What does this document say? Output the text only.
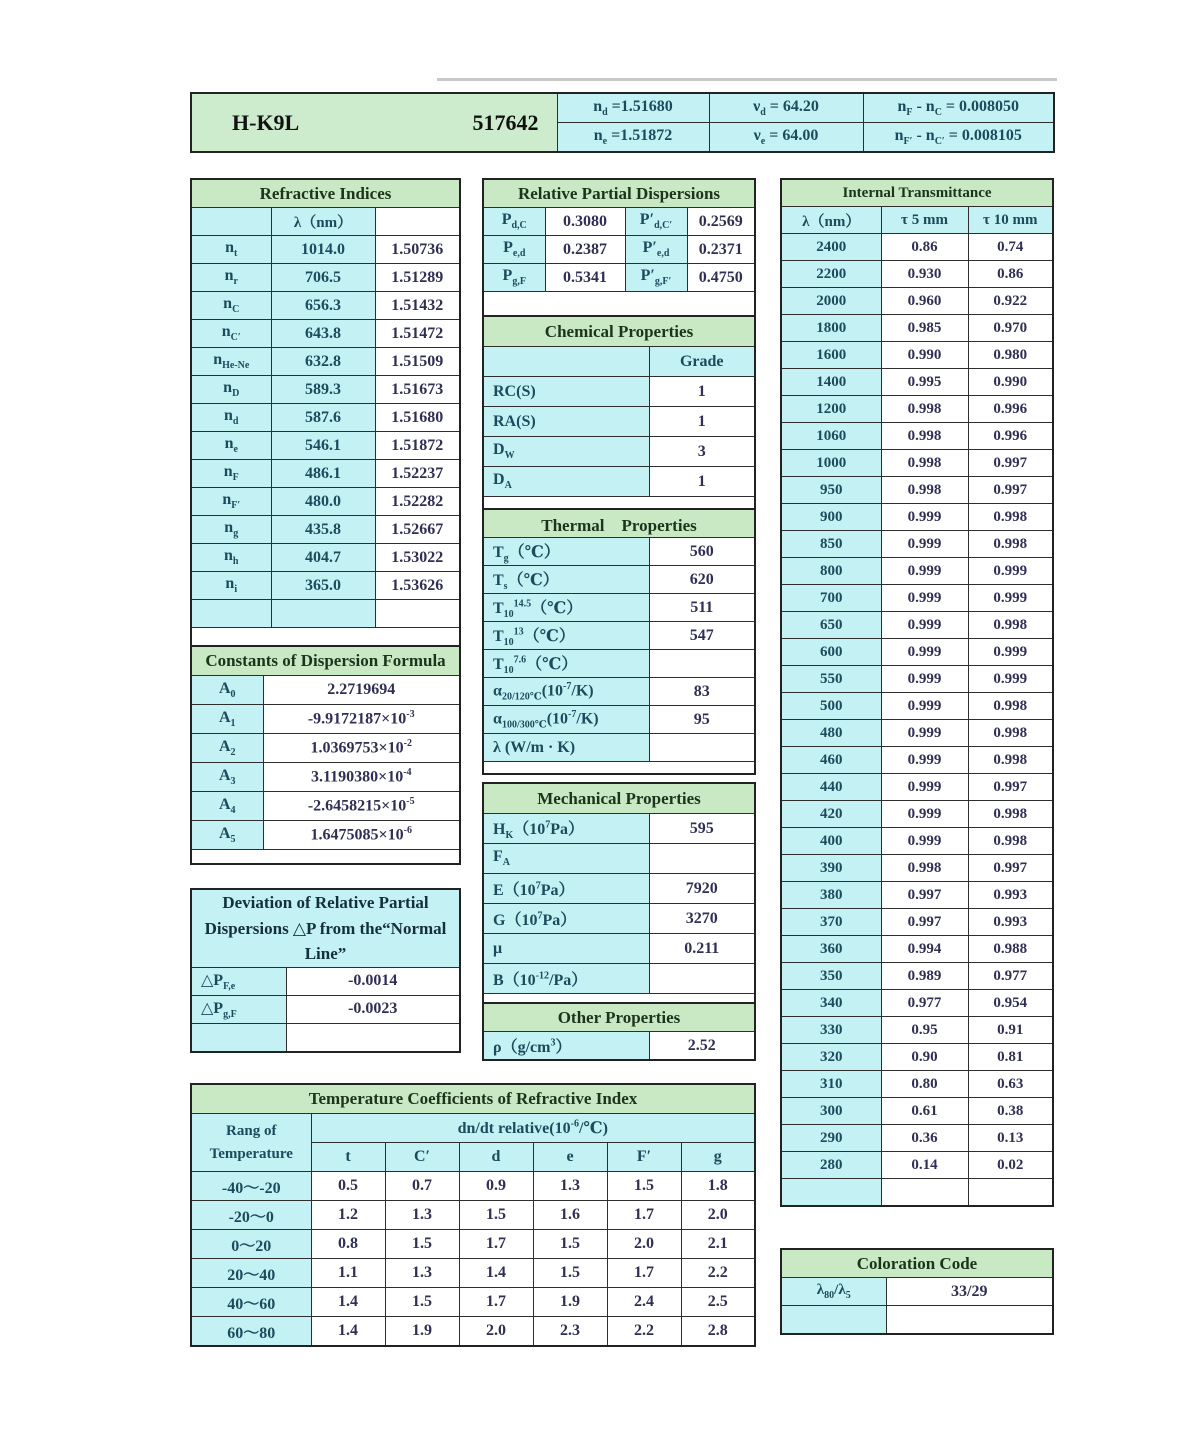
H-K9L 517642	$n_d =1.51680$	$\nu_d = 64.20$	$n_F - n_C = 0.008050$
	$n_e =1.51872$	$\nu_e = 64.00$	$n_{F'} - n_{C'} = 0.008105$
Refractive Indices		
	λ（nm）	
$n_t$	1014.0	1.50736
$n_r$	706.5	1.51289
$n_C$	656.3	1.51432
$n_{C'}$	643.8	1.51472
$n_{He-Ne}$	632.8	1.51509
$n_D$	589.3	1.51673
$n_d$	587.6	1.51680
$n_e$	546.1	1.51872
$n_F$	486.1	1.52237
$n_{F'}$	480.0	1.52282
$n_g$	435.8	1.52667
$n_h$	404.7	1.53022
$n_i$	365.0	1.53626

Constants of Dispersion Formula	
$A_0$	2.2719694
$A_1$	$-9.9172187\times 10^{-3}$
$A_2$	$1.0369753\times 10^{-2}$
$A_3$	$3.1190380\times 10^{-4}$
$A_4$	$-2.6458215\times 10^{-5}$
$A_5$	$1.6475085\times 10^{-6}$

Deviation of Relative Partial Dispersions △P from the“Normal Line”	
$\triangle P_{F,e}$	-0.0014
$\triangle P_{g,F}$	-0.0023

Relative Partial Dispersions			
$P_{d,C}$	0.3080	$P'_{d,C'}$	0.2569
$P_{e,d}$	0.2387	$P'_{e,d}$	0.2371
$P_{g,F}$	0.5341	$P'_{g,F'}$	0.4750

Chemical Properties	
	Grade
RC(S)	1
RA(S)	1
$D_W$	3
$D_A$	1

Thermal　Properties	
$T_g(℃)$	560
$T_s(℃)$	620
$T_{10}^{14.5}(℃)$	511
$T_{10}^{13}(℃)$	547
$T_{10}^{7.6}(℃)$	
$\alpha_{20/120℃}(10^{-7}/K)$	83
$\alpha_{100/300℃}(10^{-7}/K)$	95
λ (W/m · K)	

Mechanical Properties	
$H_K(10^7Pa)$	595
$F_A$	
$E(10^7Pa)$	7920
$G(10^7Pa)$	3270
μ	0.211
$B(10^{-12}/Pa)$	

Other Properties
$\rho(g/cm^3)$	2.52
Internal Transmittance		
λ（nm）	τ 5 mm	τ 10 mm
2400	0.86	0.74
2200	0.930	0.86
2000	0.960	0.922
1800	0.985	0.970
1600	0.990	0.980
1400	0.995	0.990
1200	0.998	0.996
1060	0.998	0.996
1000	0.998	0.997
950	0.998	0.997
900	0.999	0.998
850	0.999	0.998
800	0.999	0.999
700	0.999	0.999
650	0.999	0.998
600	0.999	0.999
550	0.999	0.999
500	0.999	0.998
480	0.999	0.998
460	0.999	0.998
440	0.999	0.997
420	0.999	0.998
400	0.999	0.998
390	0.998	0.997
380	0.997	0.993
370	0.997	0.993
360	0.994	0.988
350	0.989	0.977
340	0.977	0.954
330	0.95	0.91
320	0.90	0.81
310	0.80	0.63
300	0.61	0.38
290	0.36	0.13
280	0.14	0.02

Coloration Code	
$\lambda_{80}/\lambda_5$	33/29

Temperature Coefficients of Refractive Index						
Rang of Temperature	dn/dt $relative(10^{-6}/℃)$					
	t	C′	d	e	F′	g
-40～-20	0.5	0.7	0.9	1.3	1.5	1.8
-20～0	1.2	1.3	1.5	1.6	1.7	2.0
0～20	0.8	1.5	1.7	1.5	2.0	2.1
20～40	1.1	1.3	1.4	1.5	1.7	2.2
40～60	1.4	1.5	1.7	1.9	2.4	2.5
60～80	1.4	1.9	2.0	2.3	2.2	2.8
